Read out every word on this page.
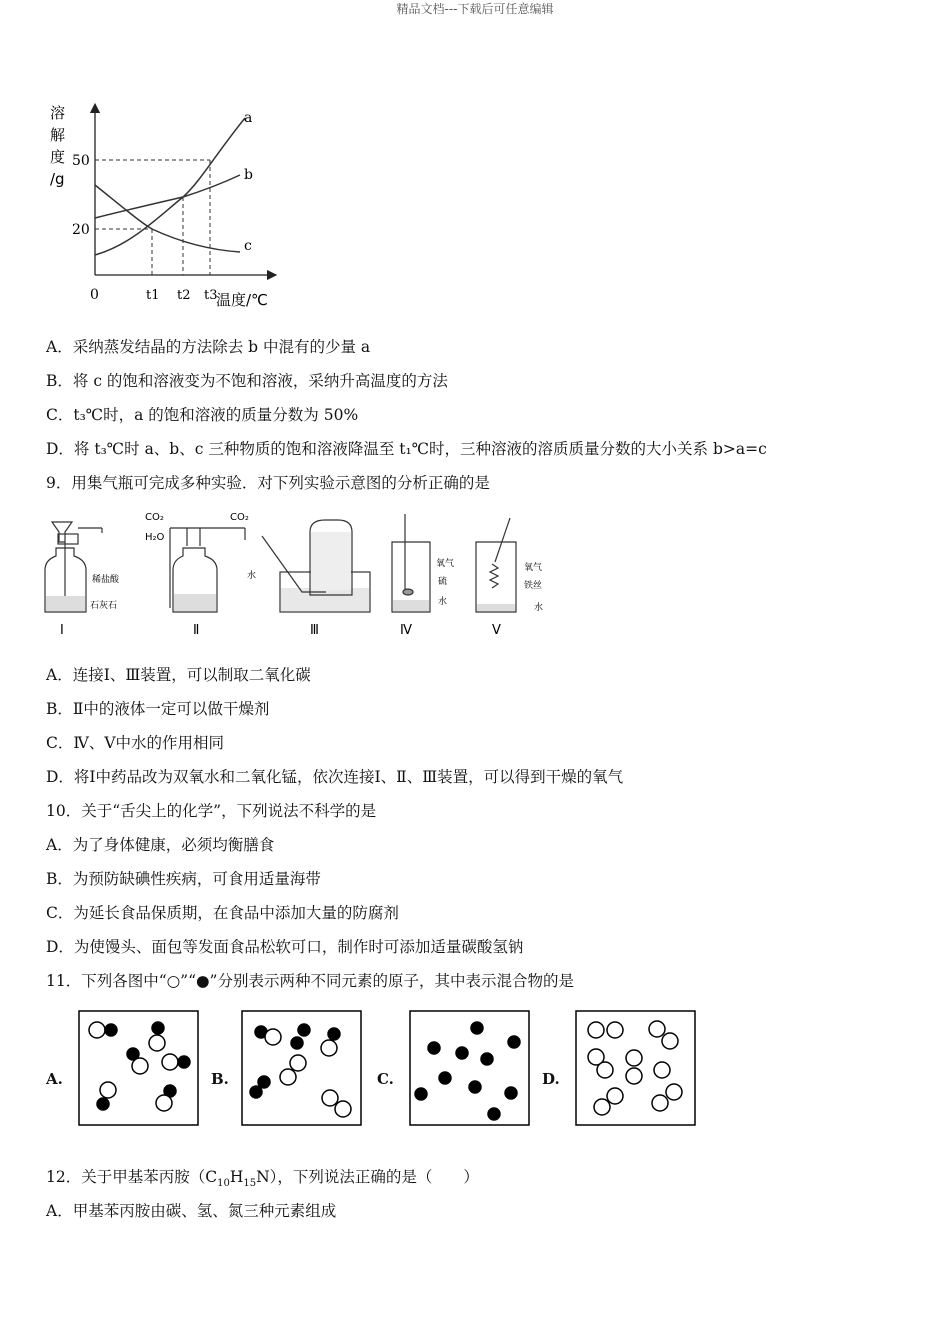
精品文档---下载后可任意编辑
溶
解
度
/g
50
20
0	t1 t2 t3
温度/℃
a
b
c
A．采纳蒸发结晶的方法除去 b 中混有的少量 a
B．将 c 的饱和溶液变为不饱和溶液，采纳升高温度的方法
C．t₃℃时，a 的饱和溶液的质量分数为 50%
D．将 t₃℃时 a、b、c 三种物质的饱和溶液降温至 t₁℃时，三种溶液的溶质质量分数的大小关系 b>a=c
9．用集气瓶可完成多种实验．对下列实验示意图的分析正确的是
稀盐酸
石灰石
Ⅰ
CO₂
H₂O
CO₂
Ⅱ
水
Ⅲ
氧气
硫
水
Ⅳ
氧气
铁丝
水
Ⅴ
A．连接Ⅰ、Ⅲ装置，可以制取二氧化碳
B．Ⅱ中的液体一定可以做干燥剂
C．Ⅳ、Ⅴ中水的作用相同
D．将Ⅰ中药品改为双氧水和二氧化锰，依次连接Ⅰ、Ⅱ、Ⅲ装置，可以得到干燥的氧气
10．关于“舌尖上的化学”，下列说法不科学的是
A．为了身体健康，必须均衡膳食
B．为预防缺碘性疾病，可食用适量海带
C．为延长食品保质期，在食品中添加大量的防腐剂
D．为使馒头、面包等发面食品松软可口，制作时可添加适量碳酸氢钠
11．下列各图中“○”“●”分别表示两种不同元素的原子，其中表示混合物的是
A.	B.	C.	D.
12．关于甲基苯丙胺$(C_{10}H_{15}N)$，下列说法正确的是（　　）
A．甲基苯丙胺由碳、氢、氮三种元素组成
